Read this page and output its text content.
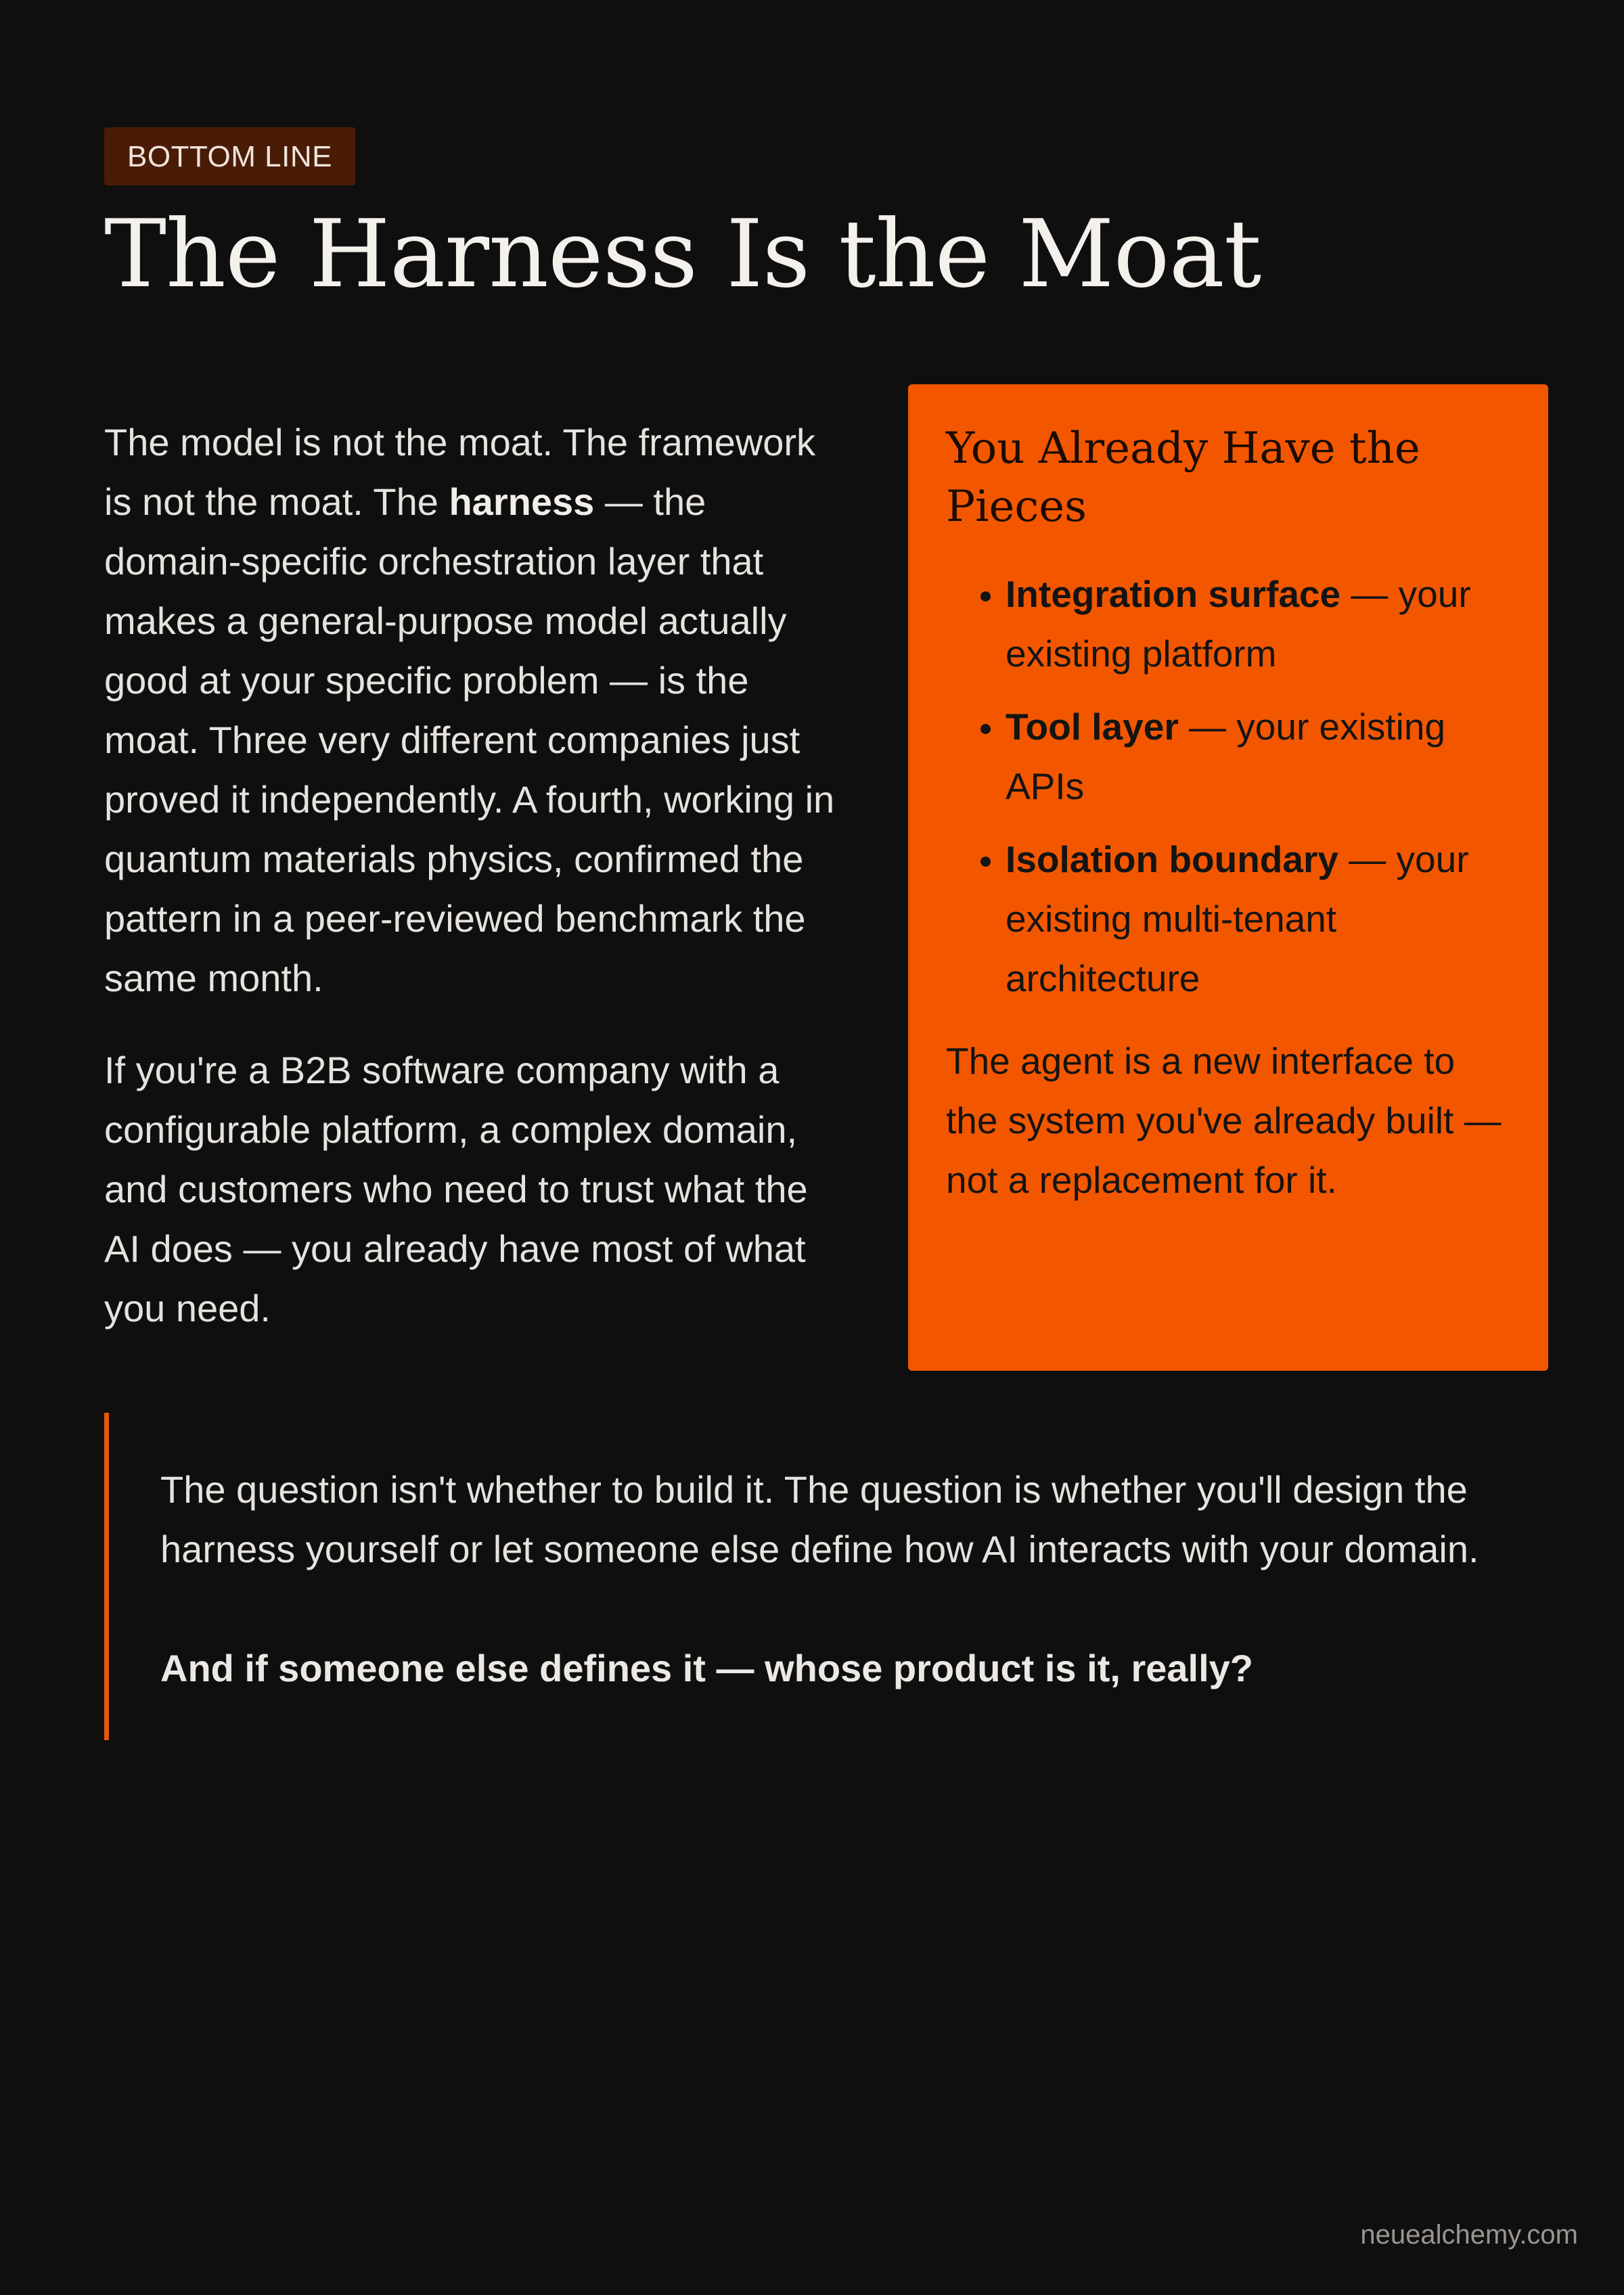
BOTTOM LINE
The Harness Is the Moat

The model is not the moat. The framework is not the moat. The harness — the domain-specific orchestration layer that makes a general-purpose model actually good at your specific problem — is the moat. Three very different companies just proved it independently. A fourth, working in quantum materials physics, confirmed the pattern in a peer-reviewed benchmark the same month.

If you're a B2B software company with a configurable platform, a complex domain, and customers who need to trust what the AI does — you already have most of what you need.

You Already Have the Pieces
• Integration surface — your existing platform
• Tool layer — your existing APIs
• Isolation boundary — your existing multi-tenant architecture

The agent is a new interface to the system you've already built — not a replacement for it.

The question isn't whether to build it. The question is whether you'll design the harness yourself or let someone else define how AI interacts with your domain.

And if someone else defines it — whose product is it, really?

neuealchemy.com
